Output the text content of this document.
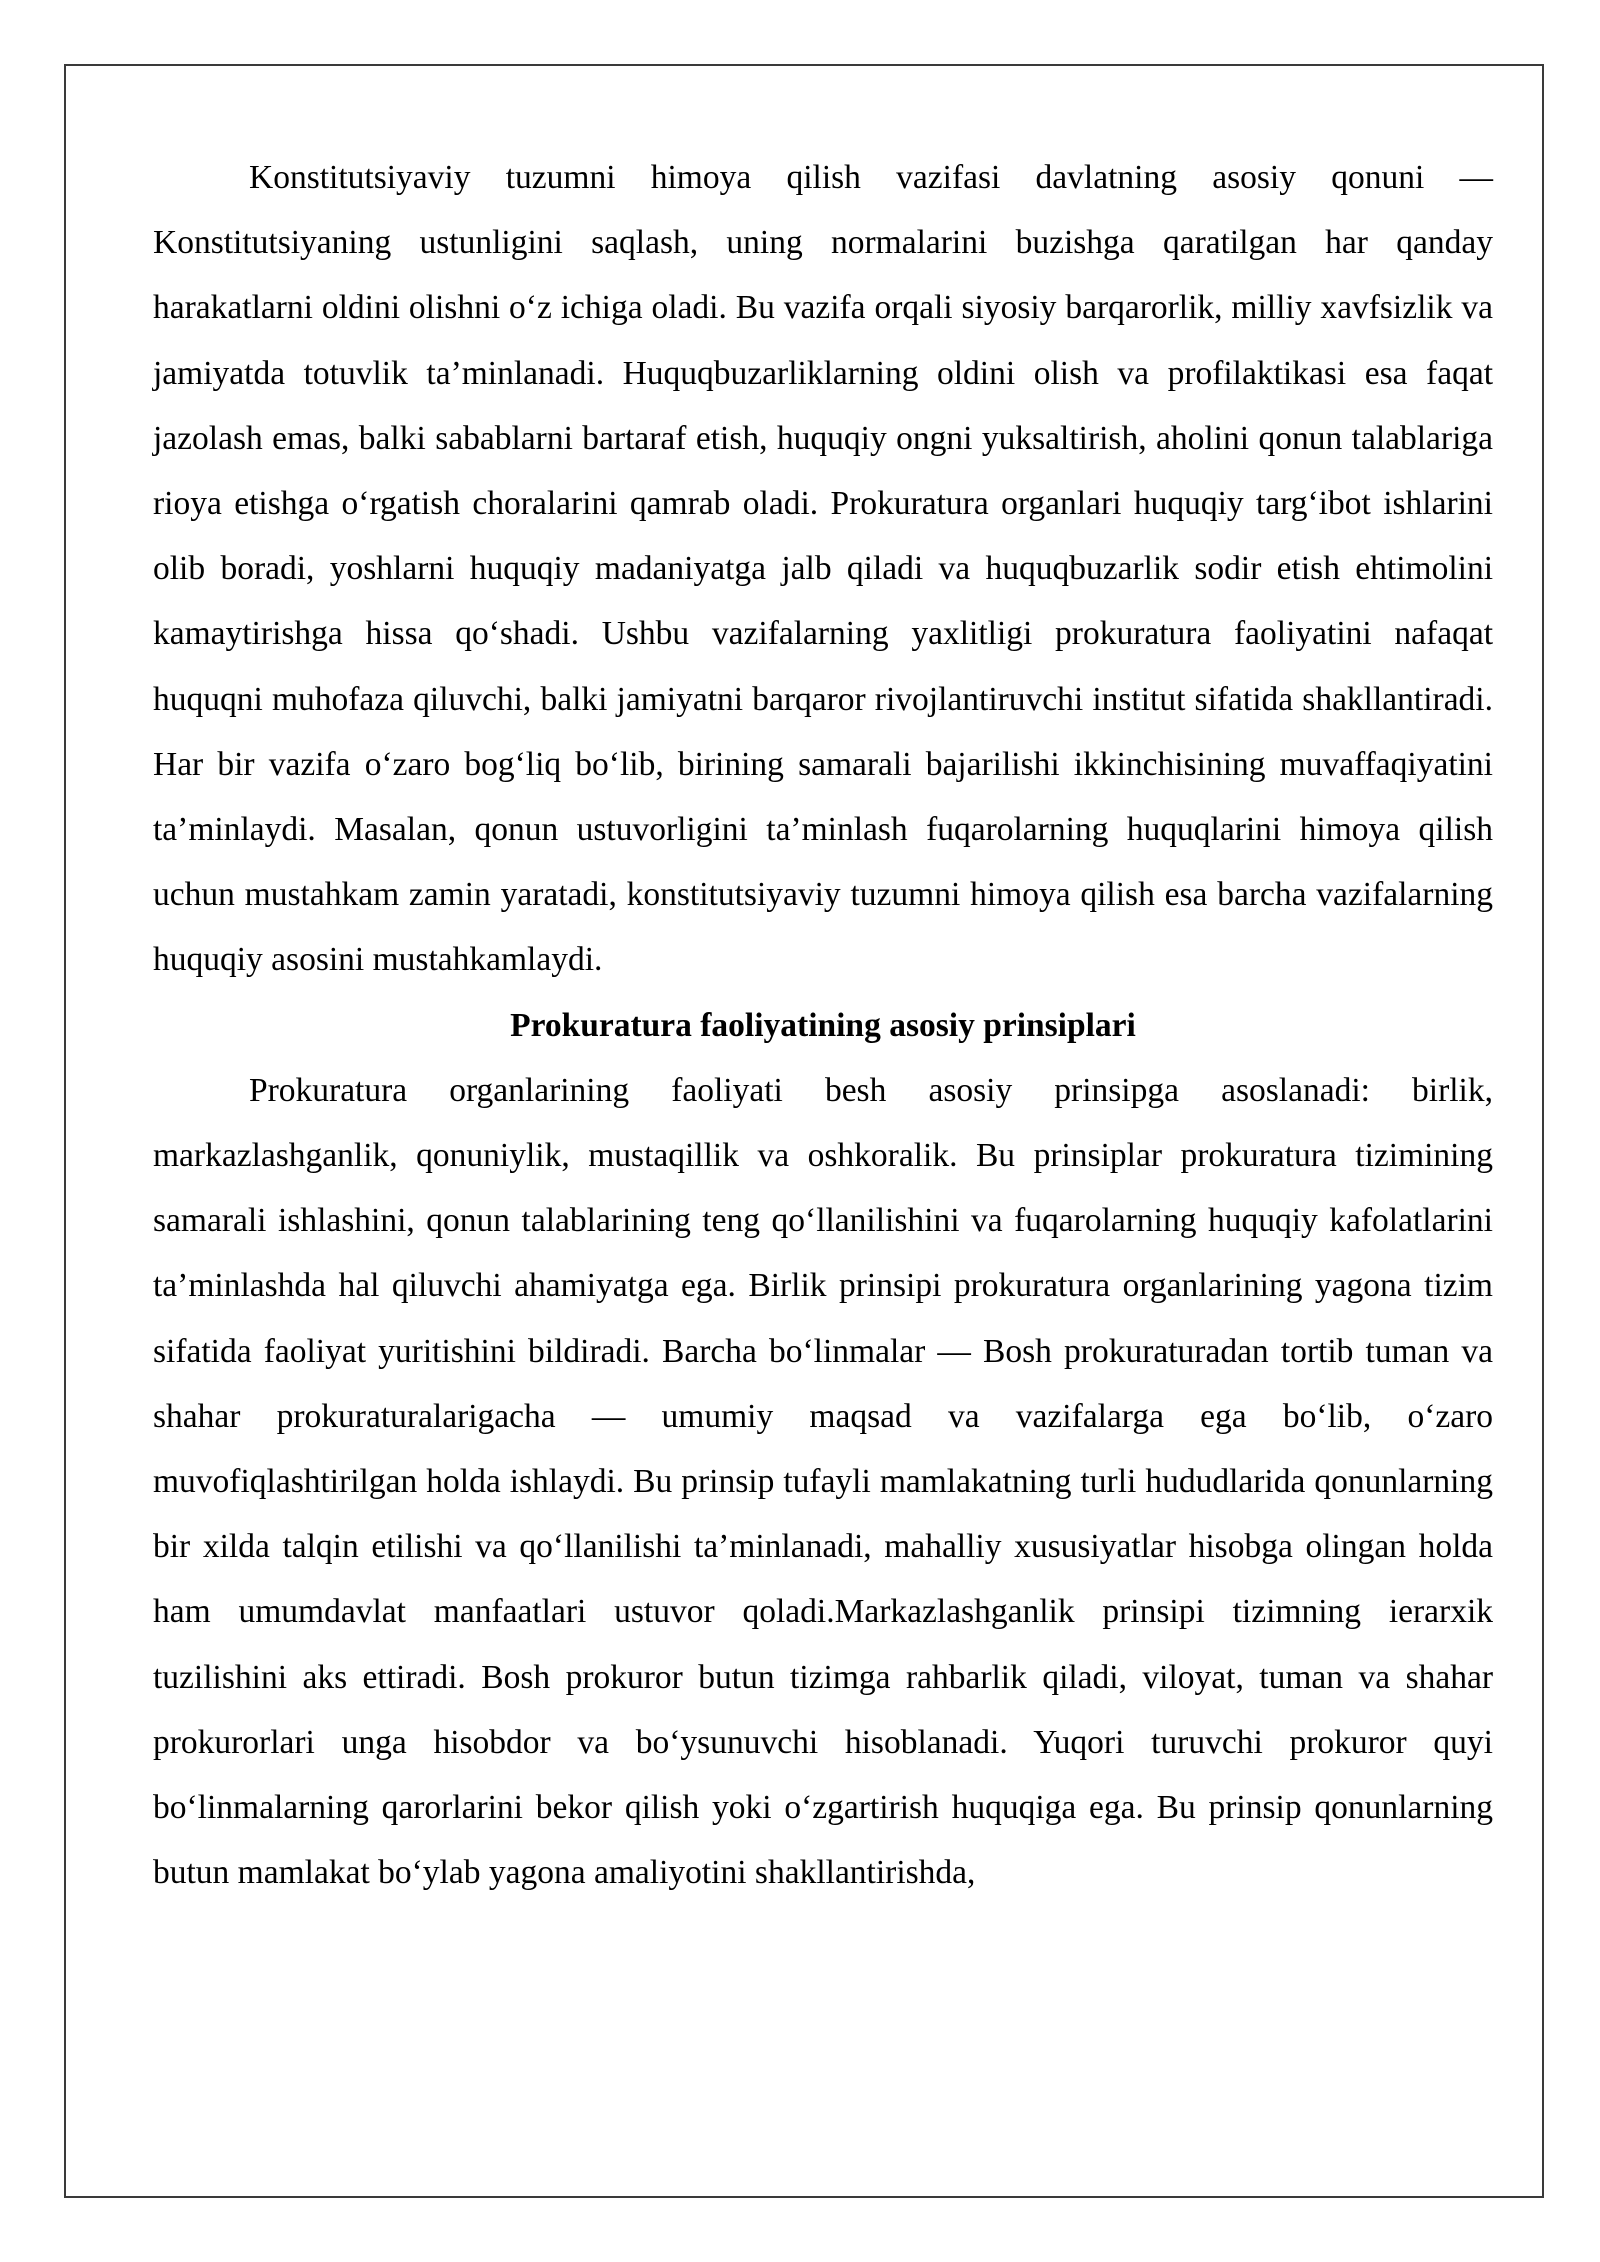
Konstitutsiyaviy tuzumni himoya qilish vazifasi davlatning asosiy qonuni — Konstitutsiyaning ustunligini saqlash, uning normalarini buzishga qaratilgan har qanday harakatlarni oldini olishni oʻz ichiga oladi. Bu vazifa orqali siyosiy barqarorlik, milliy xavfsizlik va jamiyatda totuvlik ta’minlanadi. Huquqbuzarliklarning oldini olish va profilaktikasi esa faqat jazolash emas, balki sabablarni bartaraf etish, huquqiy ongni yuksaltirish, aholini qonun talablariga rioya etishga oʻrgatish choralarini qamrab oladi. Prokuratura organlari huquqiy targʻibot ishlarini olib boradi, yoshlarni huquqiy madaniyatga jalb qiladi va huquqbuzarlik sodir etish ehtimolini kamaytirishga hissa qoʻshadi. Ushbu vazifalarning yaxlitligi prokuratura faoliyatini nafaqat huquqni muhofaza qiluvchi, balki jamiyatni barqaror rivojlantiruvchi institut sifatida shakllantiradi. Har bir vazifa oʻzaro bogʻliq boʻlib, birining samarali bajarilishi ikkinchisining muvaffaqiyatini ta’minlaydi. Masalan, qonun ustuvorligini ta’minlash fuqarolarning huquqlarini himoya qilish uchun mustahkam zamin yaratadi, konstitutsiyaviy tuzumni himoya qilish esa barcha vazifalarning huquqiy asosini mustahkamlaydi.

Prokuratura faoliyatining asosiy prinsiplari

Prokuratura organlarining faoliyati besh asosiy prinsipga asoslanadi: birlik, markazlashganlik, qonuniylik, mustaqillik va oshkoralik. Bu prinsiplar prokuratura tizimining samarali ishlashini, qonun talablarining teng qoʻllanilishini va fuqarolarning huquqiy kafolatlarini ta’minlashda hal qiluvchi ahamiyatga ega. Birlik prinsipi prokuratura organlarining yagona tizim sifatida faoliyat yuritishini bildiradi. Barcha boʻlinmalar — Bosh prokuraturadan tortib tuman va shahar prokuraturalarigacha — umumiy maqsad va vazifalarga ega boʻlib, oʻzaro muvofiqlashtirilgan holda ishlaydi. Bu prinsip tufayli mamlakatning turli hududlarida qonunlarning bir xilda talqin etilishi va qoʻllanilishi ta’minlanadi, mahalliy xususiyatlar hisobga olingan holda ham umumdavlat manfaatlari ustuvor qoladi.Markazlashganlik prinsipi tizimning ierarxik tuzilishini aks ettiradi. Bosh prokuror butun tizimga rahbarlik qiladi, viloyat, tuman va shahar prokurorlari unga hisobdor va boʻysunuvchi hisoblanadi. Yuqori turuvchi prokuror quyi boʻlinmalarning qarorlarini bekor qilish yoki oʻzgartirish huquqiga ega. Bu prinsip qonunlarning butun mamlakat boʻylab yagona amaliyotini shakllantirishda,
